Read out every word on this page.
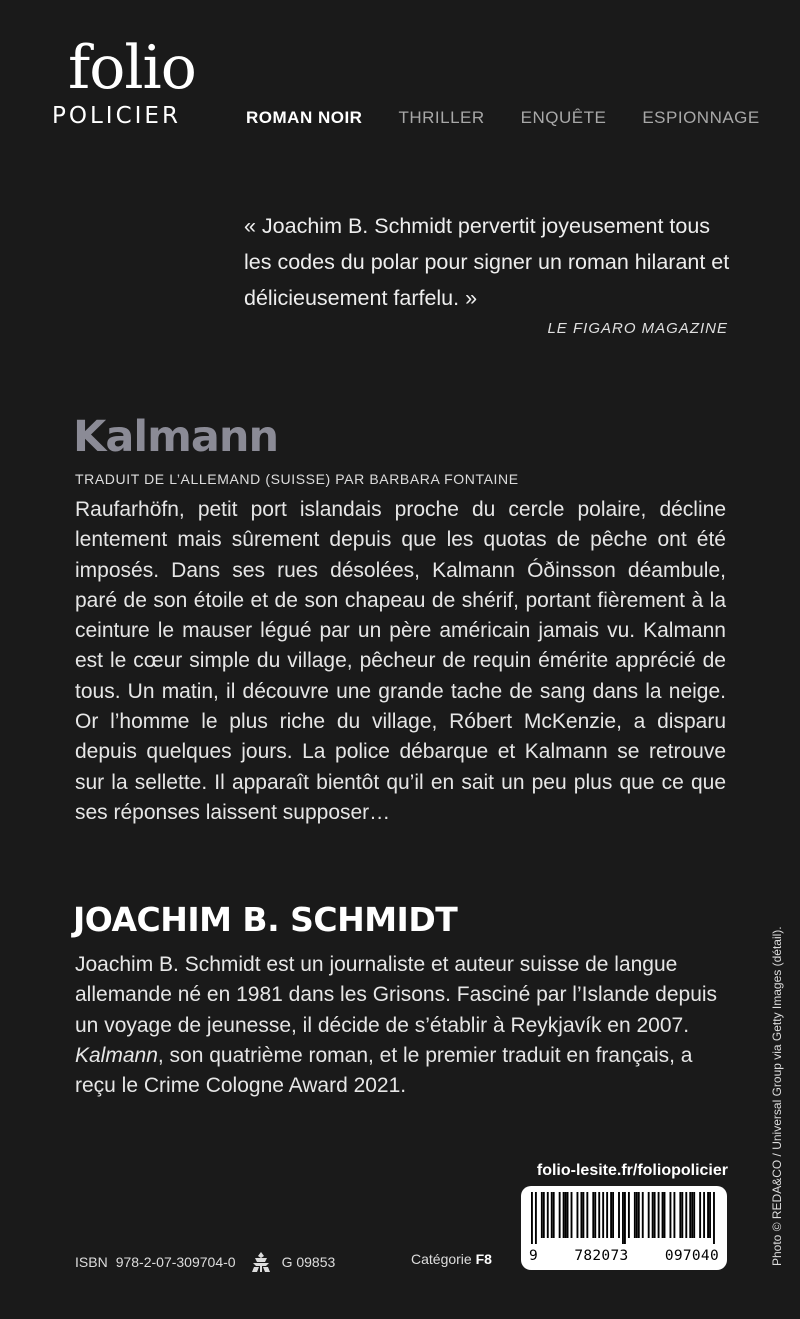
folio
POLICIER	ROMAN NOIR THRILLER ENQUÊTE ESPIONNAGE
« Joachim B. Schmidt pervertit joyeusement tous les codes du polar pour signer un roman hilarant et délicieusement farfelu. »
LE FIGARO MAGAZINE
Kalmann
TRADUIT DE L’ALLEMAND (SUISSE) PAR BARBARA FONTAINE
Raufarhöfn, petit port islandais proche du cercle polaire, décline lentement mais sûrement depuis que les quotas de pêche ont été imposés. Dans ses rues désolées, Kalmann Óðinsson déambule, paré de son étoile et de son chapeau de shérif, portant fièrement à la ceinture le mauser légué par un père américain jamais vu. Kalmann est le cœur simple du village, pêcheur de requin émérite apprécié de tous. Un matin, il découvre une grande tache de sang dans la neige. Or l’homme le plus riche du village, Róbert McKenzie, a disparu depuis quelques jours. La police débarque et Kalmann se retrouve sur la sellette. Il apparaît bientôt qu’il en sait un peu plus que ce que ses réponses laissent supposer…
JOACHIM B. SCHMIDT
Joachim B. Schmidt est un journaliste et auteur suisse de langue allemande né en 1981 dans les Grisons. Fasciné par l’Islande depuis un voyage de jeunesse, il décide de s’établir à Reykjavík en 2007. Kalmann, son quatrième roman, et le premier traduit en français, a reçu le Crime Cologne Award 2021.
folio-lesite.fr/foliopolicier
ISBN 978-2-07-309704-0	G 09853	Catégorie F8	9	782073	097040	Photo © REDA&CO / Universal Group via Getty Images (détail).
